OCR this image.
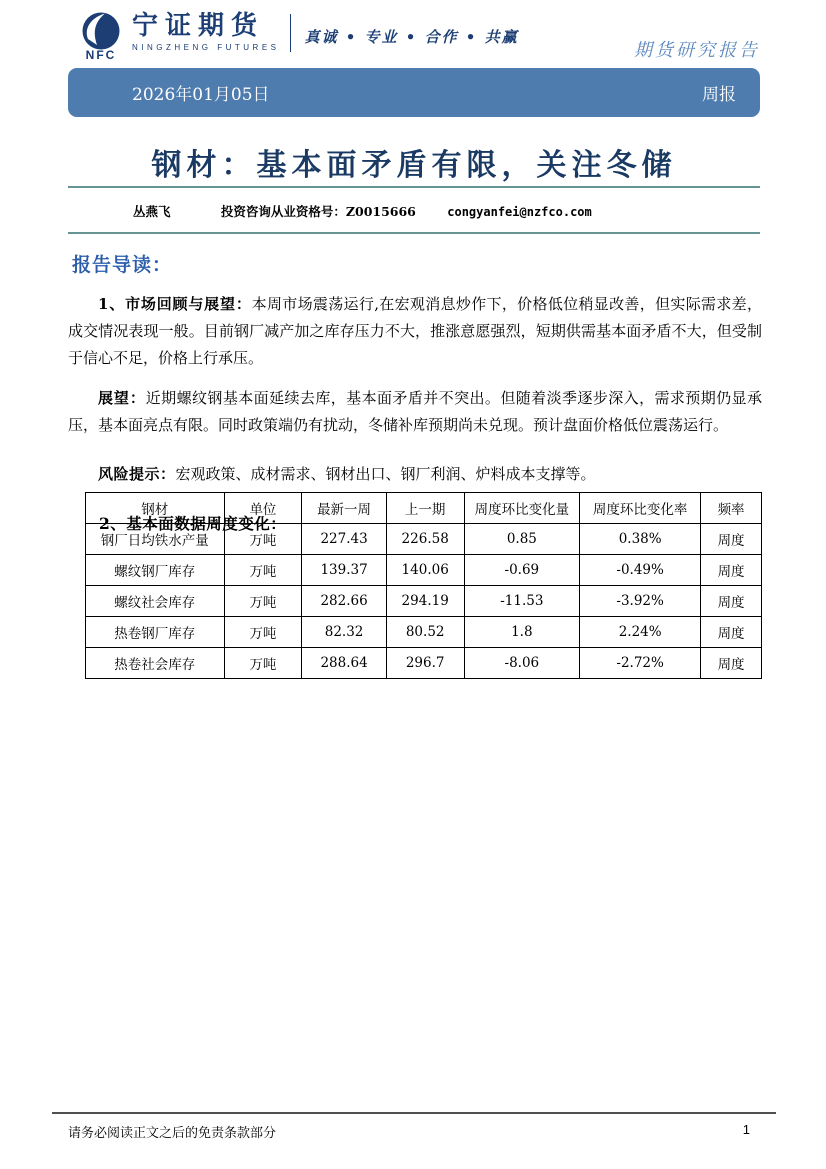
NFC
宁证期货
NINGZHENG FUTURES
真诚 • 专业 • 合作 • 共赢
期货研究报告
2026年01月05日	周报
钢材：基本面矛盾有限，关注冬储
丛燕飞	投资咨询从业资格号：Z0015666	congyanfei@nzfco.com
报告导读：

1、市场回顾与展望：本周市场震荡运行,在宏观消息炒作下，价格低位稍显改善，但实际需求差，成交情况表现一般。目前钢厂减产加之库存压力不大，推涨意愿强烈，短期供需基本面矛盾不大，但受制于信心不足，价格上行承压。

展望：近期螺纹钢基本面延续去库，基本面矛盾并不突出。但随着淡季逐步深入，需求预期仍显承压，基本面亮点有限。同时政策端仍有扰动，冬储补库预期尚未兑现。预计盘面价格低位震荡运行。

风险提示：宏观政策、成材需求、钢材出口、钢厂利润、炉料成本支撑等。

2、基本面数据周度变化：
钢材	单位	最新一周	上一期	周度环比变化量	周度环比变化率	频率
钢厂日均铁水产量	万吨	227.43	226.58	0.85	0.38%	周度
螺纹钢厂库存	万吨	139.37	140.06	-0.69	-0.49%	周度
螺纹社会库存	万吨	282.66	294.19	-11.53	-3.92%	周度
热卷钢厂库存	万吨	82.32	80.52	1.8	2.24%	周度
热卷社会库存	万吨	288.64	296.7	-8.06	-2.72%	周度
请务必阅读正文之后的免责条款部分	1
